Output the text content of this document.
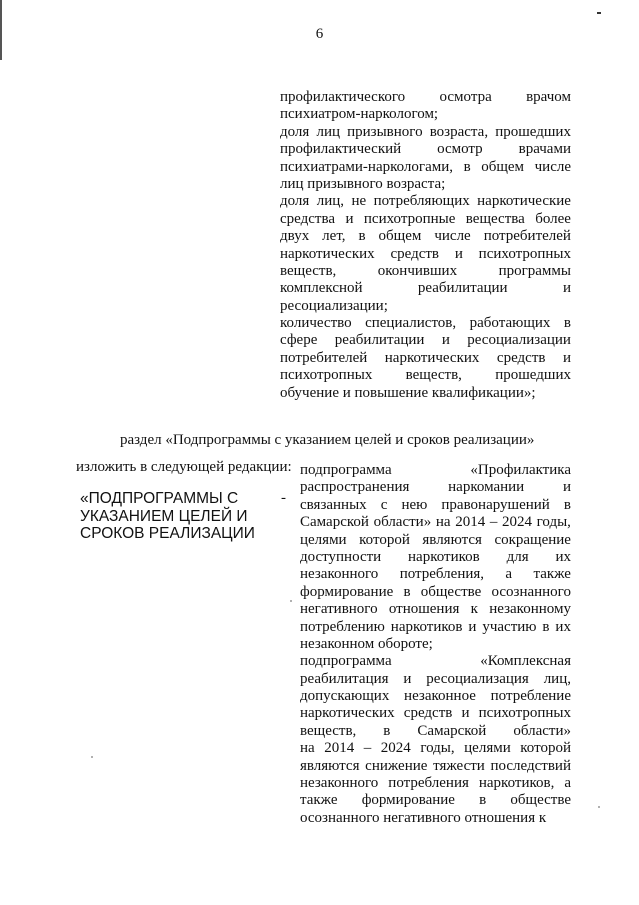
6
профилактического осмотра врачом
психиатром-наркологом;
доля лиц призывного возраста, прошедших
профилактический осмотр врачами
психиатрами-наркологами, в общем числе
лиц призывного возраста;
доля лиц, не потребляющих наркотические
средства и психотропные вещества более
двух лет, в общем числе потребителей
наркотических средств и психотропных
веществ,	окончивших	программы
комплексной	реабилитации	и
ресоциализации;
количество специалистов, работающих в
сфере реабилитации и ресоциализации
потребителей наркотических средств и
психотропных веществ, прошедших
обучение и повышение квалификации»;
раздел «Подпрограммы с указанием целей и сроков реализации»
изложить в следующей редакции:
«ПОДПРОГРАММЫ С
УКАЗАНИЕМ ЦЕЛЕЙ И
СРОКОВ РЕАЛИЗАЦИИ
-
подпрограмма	«Профилактика
распространения	наркомании	и
связанных с нею правонарушений в
Самарской области» на 2014 – 2024 годы,
целями которой являются сокращение
доступности наркотиков для их
незаконного потребления, а также
формирование в обществе осознанного
негативного отношения к незаконному
потреблению наркотиков и участию в их
незаконном обороте;
подпрограмма	«Комплексная
реабилитация и ресоциализация лиц,
допускающих незаконное потребление
наркотических средств и психотропных
веществ, в Самарской области»
на 2014 – 2024 годы, целями которой
являются снижение тяжести последствий
незаконного потребления наркотиков, а
также формирование в обществе
осознанного негативного отношения к
